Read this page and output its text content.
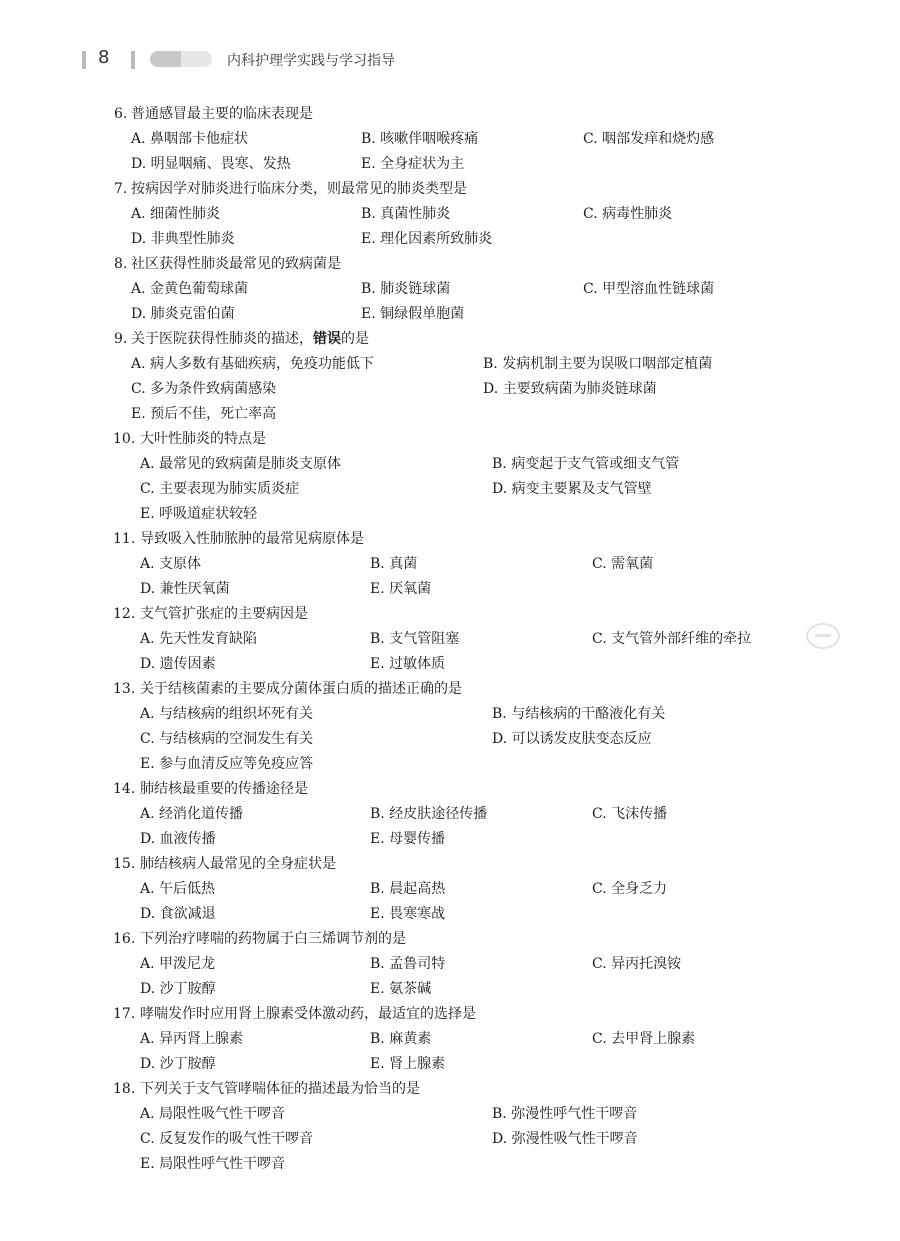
8	内科护理学实践与学习指导
6. 普通感冒最主要的临床表现是
A. 鼻咽部卡他症状	B. 咳嗽伴咽喉疼痛	C. 咽部发痒和烧灼感
D. 明显咽痛、畏寒、发热	E. 全身症状为主
7. 按病因学对肺炎进行临床分类，则最常见的肺炎类型是
A. 细菌性肺炎	B. 真菌性肺炎	C. 病毒性肺炎
D. 非典型性肺炎	E. 理化因素所致肺炎
8. 社区获得性肺炎最常见的致病菌是
A. 金黄色葡萄球菌	B. 肺炎链球菌	C. 甲型溶血性链球菌
D. 肺炎克雷伯菌	E. 铜绿假单胞菌
9. 关于医院获得性肺炎的描述，错误的是
A. 病人多数有基础疾病，免疫功能低下	B. 发病机制主要为误吸口咽部定植菌
C. 多为条件致病菌感染	D. 主要致病菌为肺炎链球菌
E. 预后不佳，死亡率高
10. 大叶性肺炎的特点是
A. 最常见的致病菌是肺炎支原体	B. 病变起于支气管或细支气管
C. 主要表现为肺实质炎症	D. 病变主要累及支气管壁
E. 呼吸道症状较轻
11. 导致吸入性肺脓肿的最常见病原体是
A. 支原体	B. 真菌	C. 需氧菌
D. 兼性厌氧菌	E. 厌氧菌
12. 支气管扩张症的主要病因是
A. 先天性发育缺陷	B. 支气管阻塞	C. 支气管外部纤维的牵拉
D. 遗传因素	E. 过敏体质
13. 关于结核菌素的主要成分菌体蛋白质的描述正确的是
A. 与结核病的组织坏死有关	B. 与结核病的干酪液化有关
C. 与结核病的空洞发生有关	D. 可以诱发皮肤变态反应
E. 参与血清反应等免疫应答
14. 肺结核最重要的传播途径是
A. 经消化道传播	B. 经皮肤途径传播	C. 飞沫传播
D. 血液传播	E. 母婴传播
15. 肺结核病人最常见的全身症状是
A. 午后低热	B. 晨起高热	C. 全身乏力
D. 食欲减退	E. 畏寒寒战
16. 下列治疗哮喘的药物属于白三烯调节剂的是
A. 甲泼尼龙	B. 孟鲁司特	C. 异丙托溴铵
D. 沙丁胺醇	E. 氨茶碱
17. 哮喘发作时应用肾上腺素受体激动药，最适宜的选择是
A. 异丙肾上腺素	B. 麻黄素	C. 去甲肾上腺素
D. 沙丁胺醇	E. 肾上腺素
18. 下列关于支气管哮喘体征的描述最为恰当的是
A. 局限性吸气性干啰音	B. 弥漫性呼气性干啰音
C. 反复发作的吸气性干啰音	D. 弥漫性吸气性干啰音
E. 局限性呼气性干啰音
